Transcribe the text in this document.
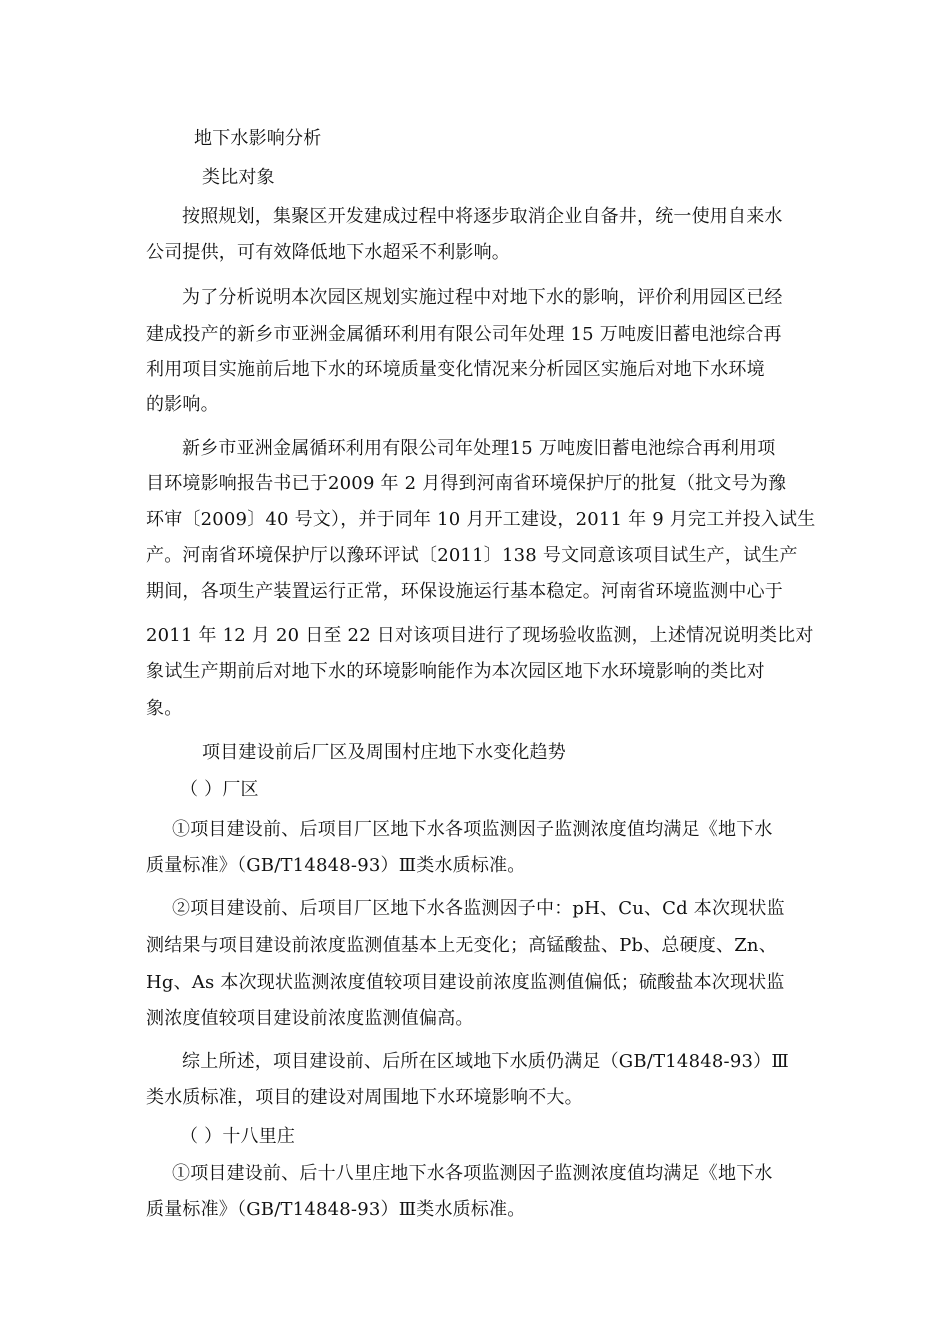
地下水影响分析
类比对象
按照规划，集聚区开发建成过程中将逐步取消企业自备井，统一使用自来水
公司提供，可有效降低地下水超采不利影响。
为了分析说明本次园区规划实施过程中对地下水的影响，评价利用园区已经
建成投产的新乡市亚洲金属循环利用有限公司年处理 15 万吨废旧蓄电池综合再
利用项目实施前后地下水的环境质量变化情况来分析园区实施后对地下水环境
的影响。
新乡市亚洲金属循环利用有限公司年处理15 万吨废旧蓄电池综合再利用项
目环境影响报告书已于2009 年 2 月得到河南省环境保护厅的批复（批文号为豫
环审〔2009〕40 号文），并于同年 10 月开工建设，2011 年 9 月完工并投入试生
产。河南省环境保护厅以豫环评试〔2011〕138 号文同意该项目试生产，试生产
期间，各项生产装置运行正常，环保设施运行基本稳定。河南省环境监测中心于
2011 年 12 月 20 日至 22 日对该项目进行了现场验收监测，上述情况说明类比对
象试生产期前后对地下水的环境影响能作为本次园区地下水环境影响的类比对
象。
项目建设前后厂区及周围村庄地下水变化趋势
（ ）厂区
①项目建设前、后项目厂区地下水各项监测因子监测浓度值均满足《地下水
质量标准》（GB/T14848-93）Ⅲ类水质标准。
②项目建设前、后项目厂区地下水各监测因子中：pH、Cu、Cd 本次现状监
测结果与项目建设前浓度监测值基本上无变化；高锰酸盐、Pb、总硬度、Zn、
Hg、As 本次现状监测浓度值较项目建设前浓度监测值偏低；硫酸盐本次现状监
测浓度值较项目建设前浓度监测值偏高。
综上所述，项目建设前、后所在区域地下水质仍满足（GB/T14848-93）Ⅲ
类水质标准，项目的建设对周围地下水环境影响不大。
（ ）十八里庄
①项目建设前、后十八里庄地下水各项监测因子监测浓度值均满足《地下水
质量标准》（GB/T14848-93）Ⅲ类水质标准。
